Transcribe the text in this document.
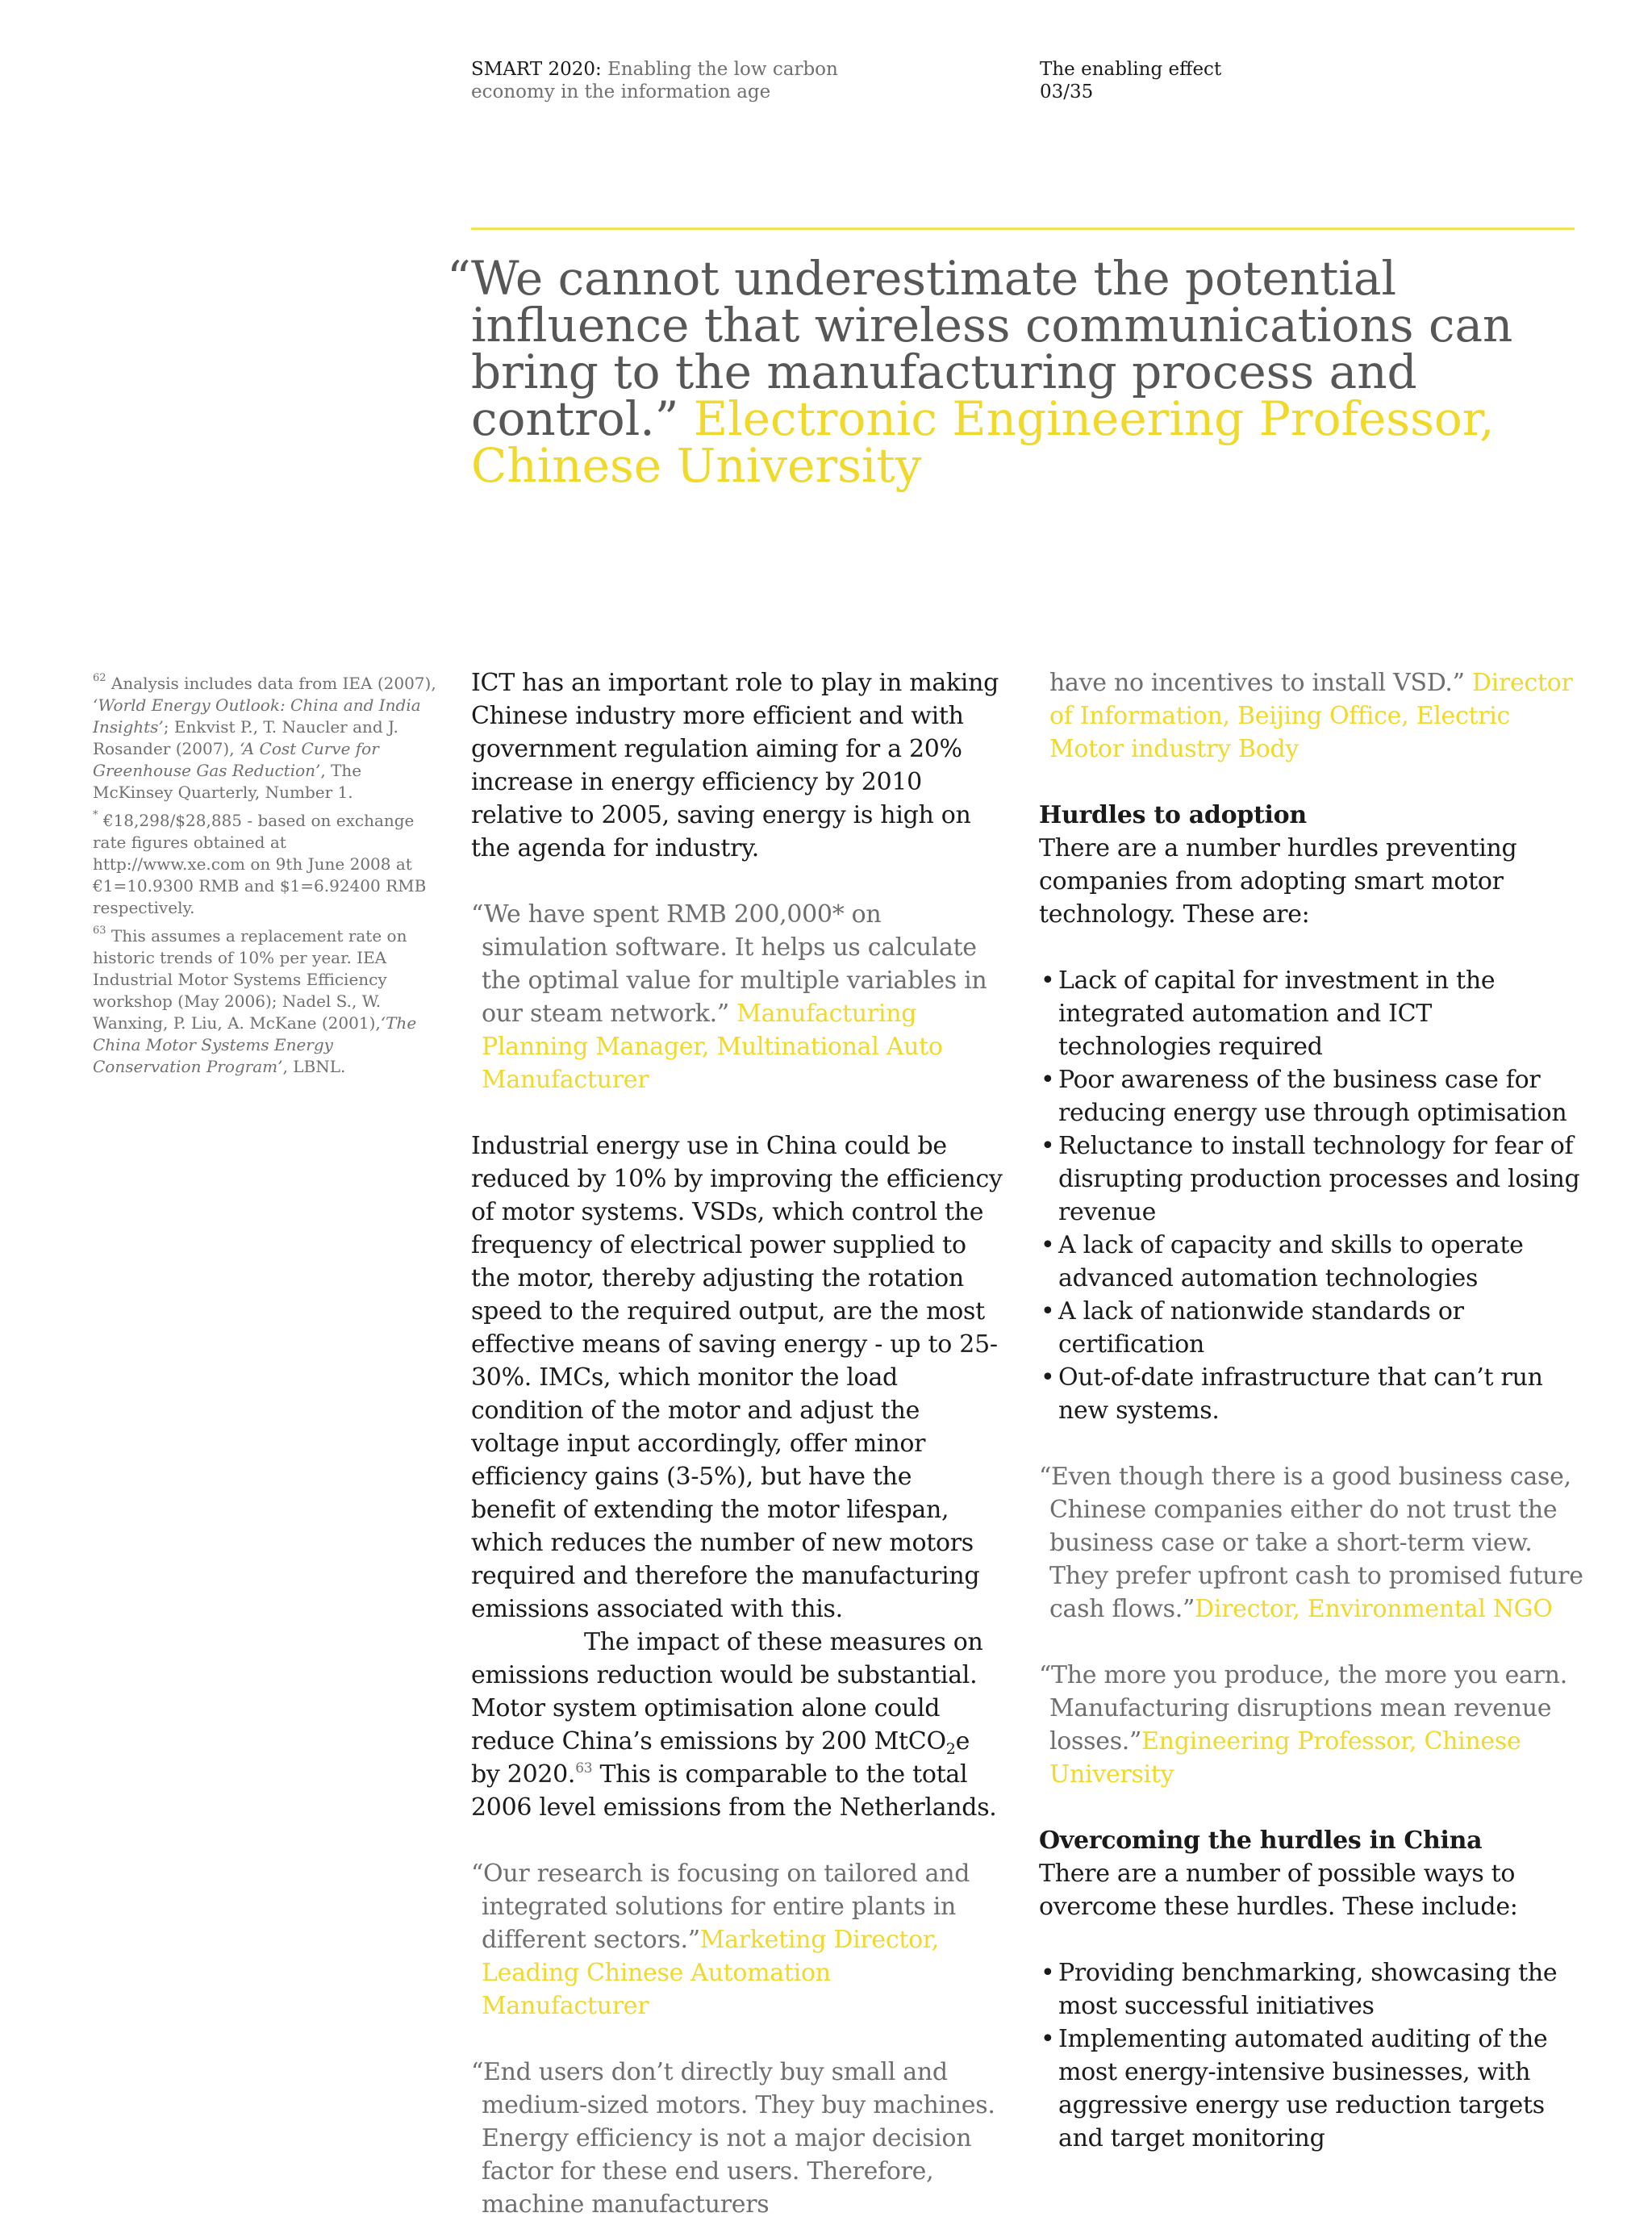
SMART 2020: Enabling the low carbon
economy in the information age
The enabling effect
03/35
“ We cannot underestimate the potential influence that wireless communications can bring to the manufacturing process and control.” Electronic Engineering Professor, Chinese University

$^{62}$ Analysis includes data from IEA (2007), ‘World Energy Outlook: China and India Insights’; Enkvist P., T. Naucler and J. Rosander (2007), ‘A Cost Curve for Greenhouse Gas Reduction’, The McKinsey Quarterly, Number 1.

* €18,298/$28,885 - based on exchange rate figures obtained at http://www.xe.com on 9th June 2008 at €1=10.9300 RMB and $1=6.92400 RMB respectively.

$^{63}$ This assumes a replacement rate on historic trends of 10% per year. IEA Industrial Motor Systems Efficiency workshop (May 2006); Nadel S., W. Wanxing, P. Liu, A. McKane (2001),‘The China Motor Systems Energy Conservation Program’, LBNL.

ICT has an important role to play in making Chinese industry more efficient and with government regulation aiming for a 20% increase in energy efficiency by 2010 relative to 2005, saving energy is high on the agenda for industry.

“We have spent RMB 200,000* on simulation software. It helps us calculate the optimal value for multiple variables in our steam network.” Manufacturing Planning Manager, Multinational Auto Manufacturer

Industrial energy use in China could be reduced by 10% by improving the efficiency of motor systems. VSDs, which control the frequency of electrical power supplied to the motor, thereby adjusting the rotation speed to the required output, are the most effective means of saving energy - up to 25-30%. IMCs, which monitor the load condition of the motor and adjust the voltage input accordingly, offer minor efficiency gains (3-5%), but have the benefit of extending the motor lifespan, which reduces the number of new motors required and therefore the manufacturing emissions associated with this.

The impact of these measures on emissions reduction would be substantial. Motor system optimisation alone could reduce China’s emissions by 200 MtCO$_2$e by 2020.63 This is comparable to the total 2006 level emissions from the Netherlands.

“Our research is focusing on tailored and integrated solutions for entire plants in different sectors.”Marketing Director, Leading Chinese Automation Manufacturer

“End users don’t directly buy small and medium-sized motors. They buy machines. Energy efficiency is not a major decision factor for these end users. Therefore, machine manufacturers

have no incentives to install VSD.” Director of Information, Beijing Office, Electric Motor industry Body

Hurdles to adoption

There are a number hurdles preventing companies from adopting smart motor technology. These are:

• Lack of capital for investment in the integrated automation and ICT technologies required
• Poor awareness of the business case for reducing energy use through optimisation
• Reluctance to install technology for fear of disrupting production processes and losing revenue
• A lack of capacity and skills to operate advanced automation technologies
• A lack of nationwide standards or certification
• Out-of-date infrastructure that can’t run new systems.

“Even though there is a good business case, Chinese companies either do not trust the business case or take a short-term view. They prefer upfront cash to promised future cash flows.”Director, Environmental NGO

“The more you produce, the more you earn. Manufacturing disruptions mean revenue losses.”Engineering Professor, Chinese University

Overcoming the hurdles in China

There are a number of possible ways to overcome these hurdles. These include:

• Providing benchmarking, showcasing the most successful initiatives
• Implementing automated auditing of the most energy-intensive businesses, with aggressive energy use reduction targets and target monitoring
